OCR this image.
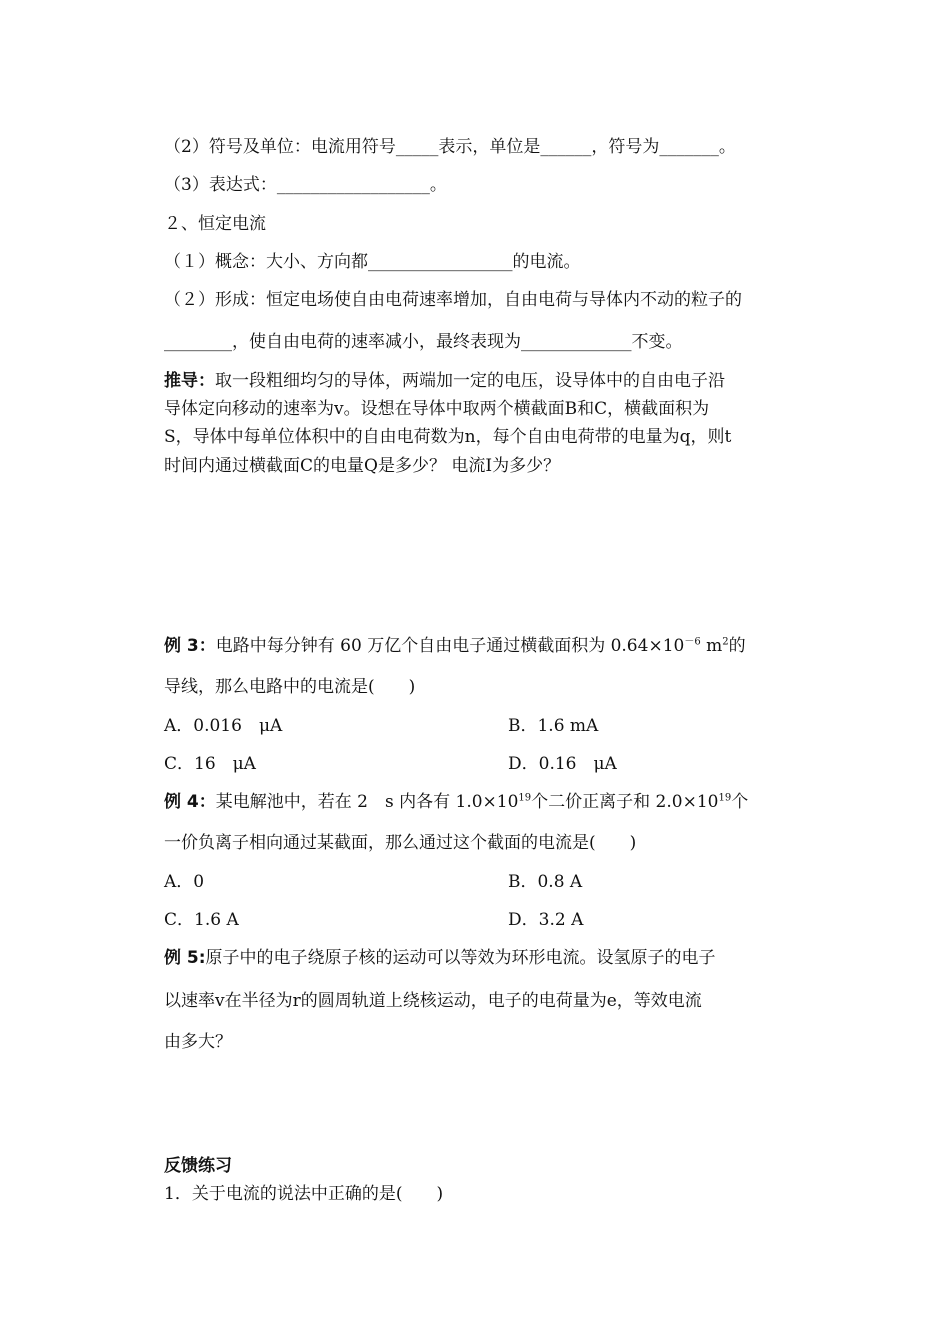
（2）符号及单位：电流用符号_____表示，单位是______，符号为_______。
（3）表达式：__________________。
２、恒定电流
（１）概念：大小、方向都_________________的电流。
（２）形成：恒定电场使自由电荷速率增加，自由电荷与导体内不动的粒子的
________，使自由电荷的速率减小，最终表现为_____________不变。
推导：取一段粗细均匀的导体，两端加一定的电压，设导体中的自由电子沿
导体定向移动的速率为v。设想在导体中取两个横截面B和C，横截面积为
S，导体中每单位体积中的自由电荷数为n，每个自由电荷带的电量为q，则t
时间内通过横截面C的电量Q是多少？ 电流I为多少？
例 3：电路中每分钟有 60 万亿个自由电子通过横截面积为 $0.64\times 10^{-6}$ $m^2$的
导线，那么电路中的电流是(　　)
A．0.016　μA	B．1.6 mA
C．16　μA	D．0.16　μA
例 4：某电解池中，若在 2　s 内各有 $1.0\times 10^{19}$个二价正离子和 $2.0\times 10^{19}$个
一价负离子相向通过某截面，那么通过这个截面的电流是(　　)
A．0	B．0.8 A
C．1.6 A	D．3.2 A
例 5:原子中的电子绕原子核的运动可以等效为环形电流。设氢原子的电子
以速率v在半径为r的圆周轨道上绕核运动，电子的电荷量为e，等效电流
由多大？
反馈练习
1．关于电流的说法中正确的是(　　)
